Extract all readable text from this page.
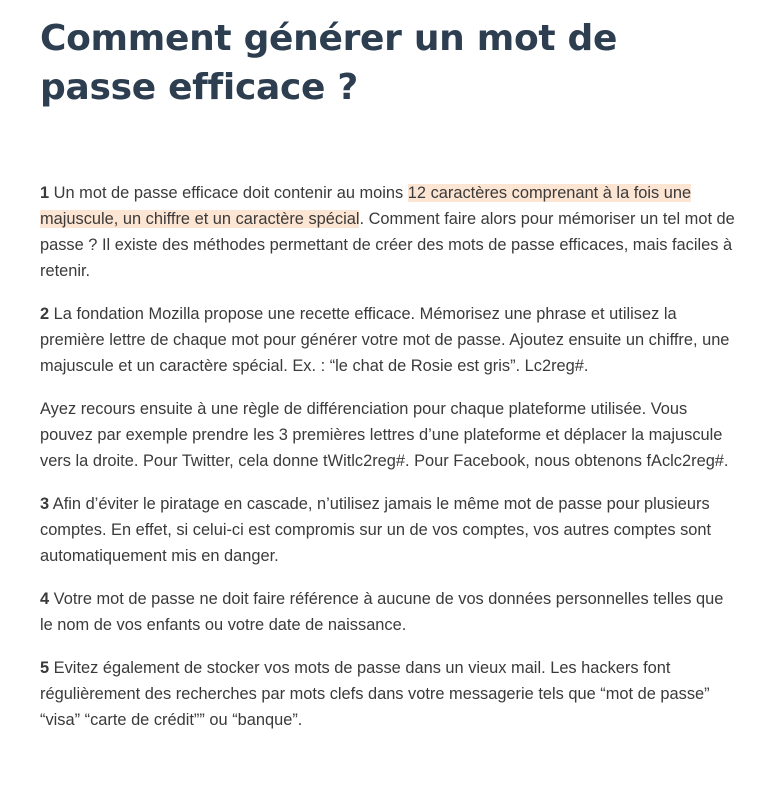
Comment générer un mot de passe efficace ?

1 Un mot de passe efficace doit contenir au moins 12 caractères comprenant à la fois une majuscule, un chiffre et un caractère spécial. Comment faire alors pour mémoriser un tel mot de passe ? Il existe des méthodes permettant de créer des mots de passe efficaces, mais faciles à retenir.

2 La fondation Mozilla propose une recette efficace. Mémorisez une phrase et utilisez la première lettre de chaque mot pour générer votre mot de passe. Ajoutez ensuite un chiffre, une majuscule et un caractère spécial. Ex. : “le chat de Rosie est gris”. Lc2reg#.

Ayez recours ensuite à une règle de différenciation pour chaque plateforme utilisée. Vous pouvez par exemple prendre les 3 premières lettres d’une plateforme et déplacer la majuscule vers la droite. Pour Twitter, cela donne tWitlc2reg#. Pour Facebook, nous obtenons fAclc2reg#.

3 Afin d’éviter le piratage en cascade, n’utilisez jamais le même mot de passe pour plusieurs comptes. En effet, si celui-ci est compromis sur un de vos comptes, vos autres comptes sont automatiquement mis en danger.

4 Votre mot de passe ne doit faire référence à aucune de vos données personnelles telles que le nom de vos enfants ou votre date de naissance.

5 Evitez également de stocker vos mots de passe dans un vieux mail. Les hackers font régulièrement des recherches par mots clefs dans votre messagerie tels que “mot de passe” “visa” “carte de crédit”” ou “banque”.
